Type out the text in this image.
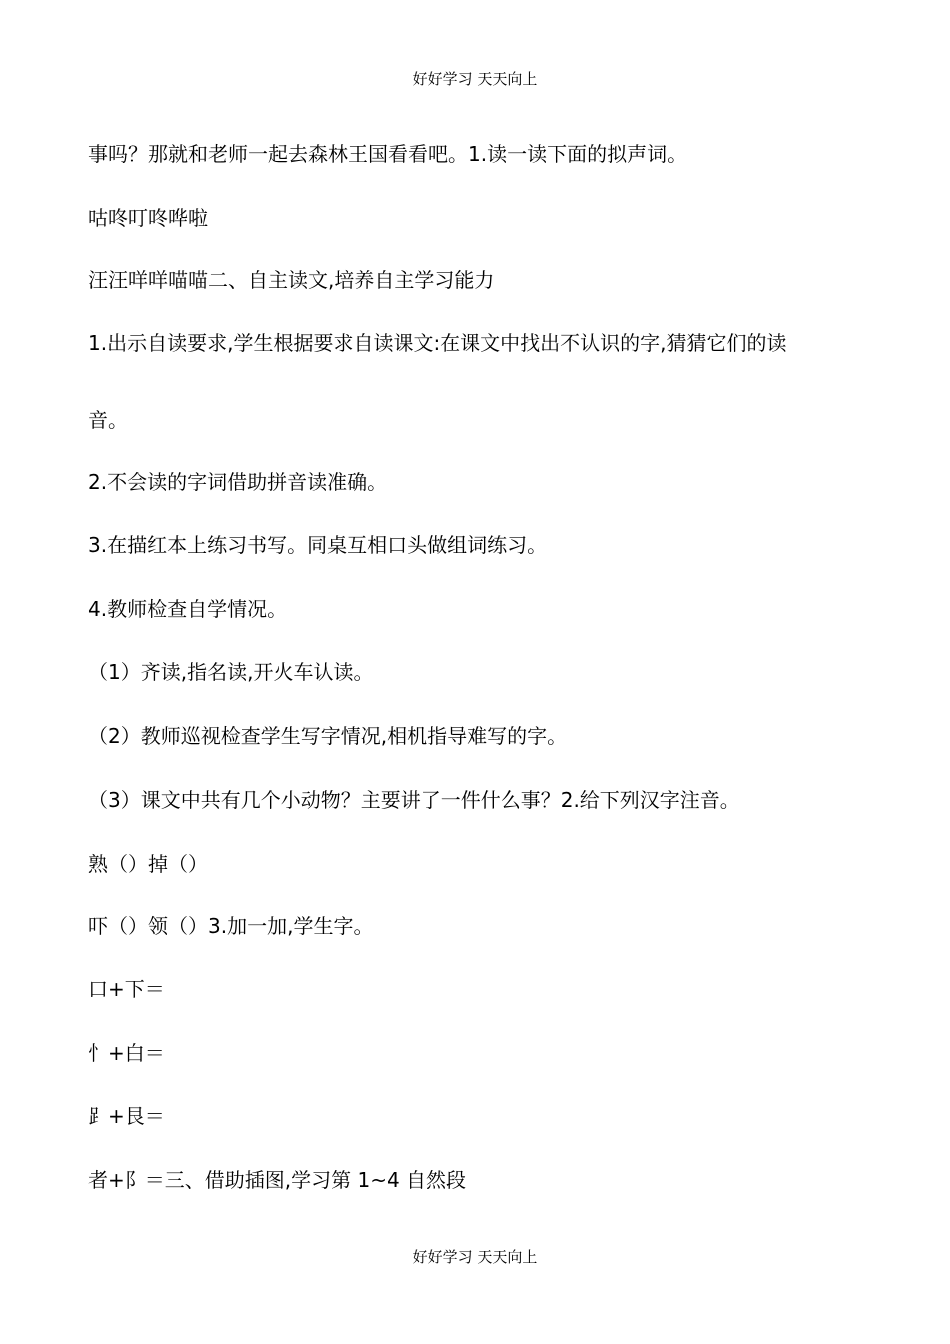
好好学习 天天向上
事吗？那就和老师一起去森林王国看看吧。1.读一读下面的拟声词。
咕咚叮咚哗啦
汪汪咩咩喵喵二、自主读文,培养自主学习能力
1.出示自读要求,学生根据要求自读课文:在课文中找出不认识的字,猜猜它们的读
音。
2.不会读的字词借助拼音读准确。
3.在描红本上练习书写。同桌互相口头做组词练习。
4.教师检查自学情况。
（1）齐读,指名读,开火车认读。
（2）教师巡视检查学生写字情况,相机指导难写的字。
（3）课文中共有几个小动物？主要讲了一件什么事？2.给下列汉字注音。
熟（）掉（）
吓（）领（）3.加一加,学生字。
口+下＝
忄+白＝
⻊+艮＝
者+阝＝三、借助插图,学习第 1~4 自然段
好好学习 天天向上
